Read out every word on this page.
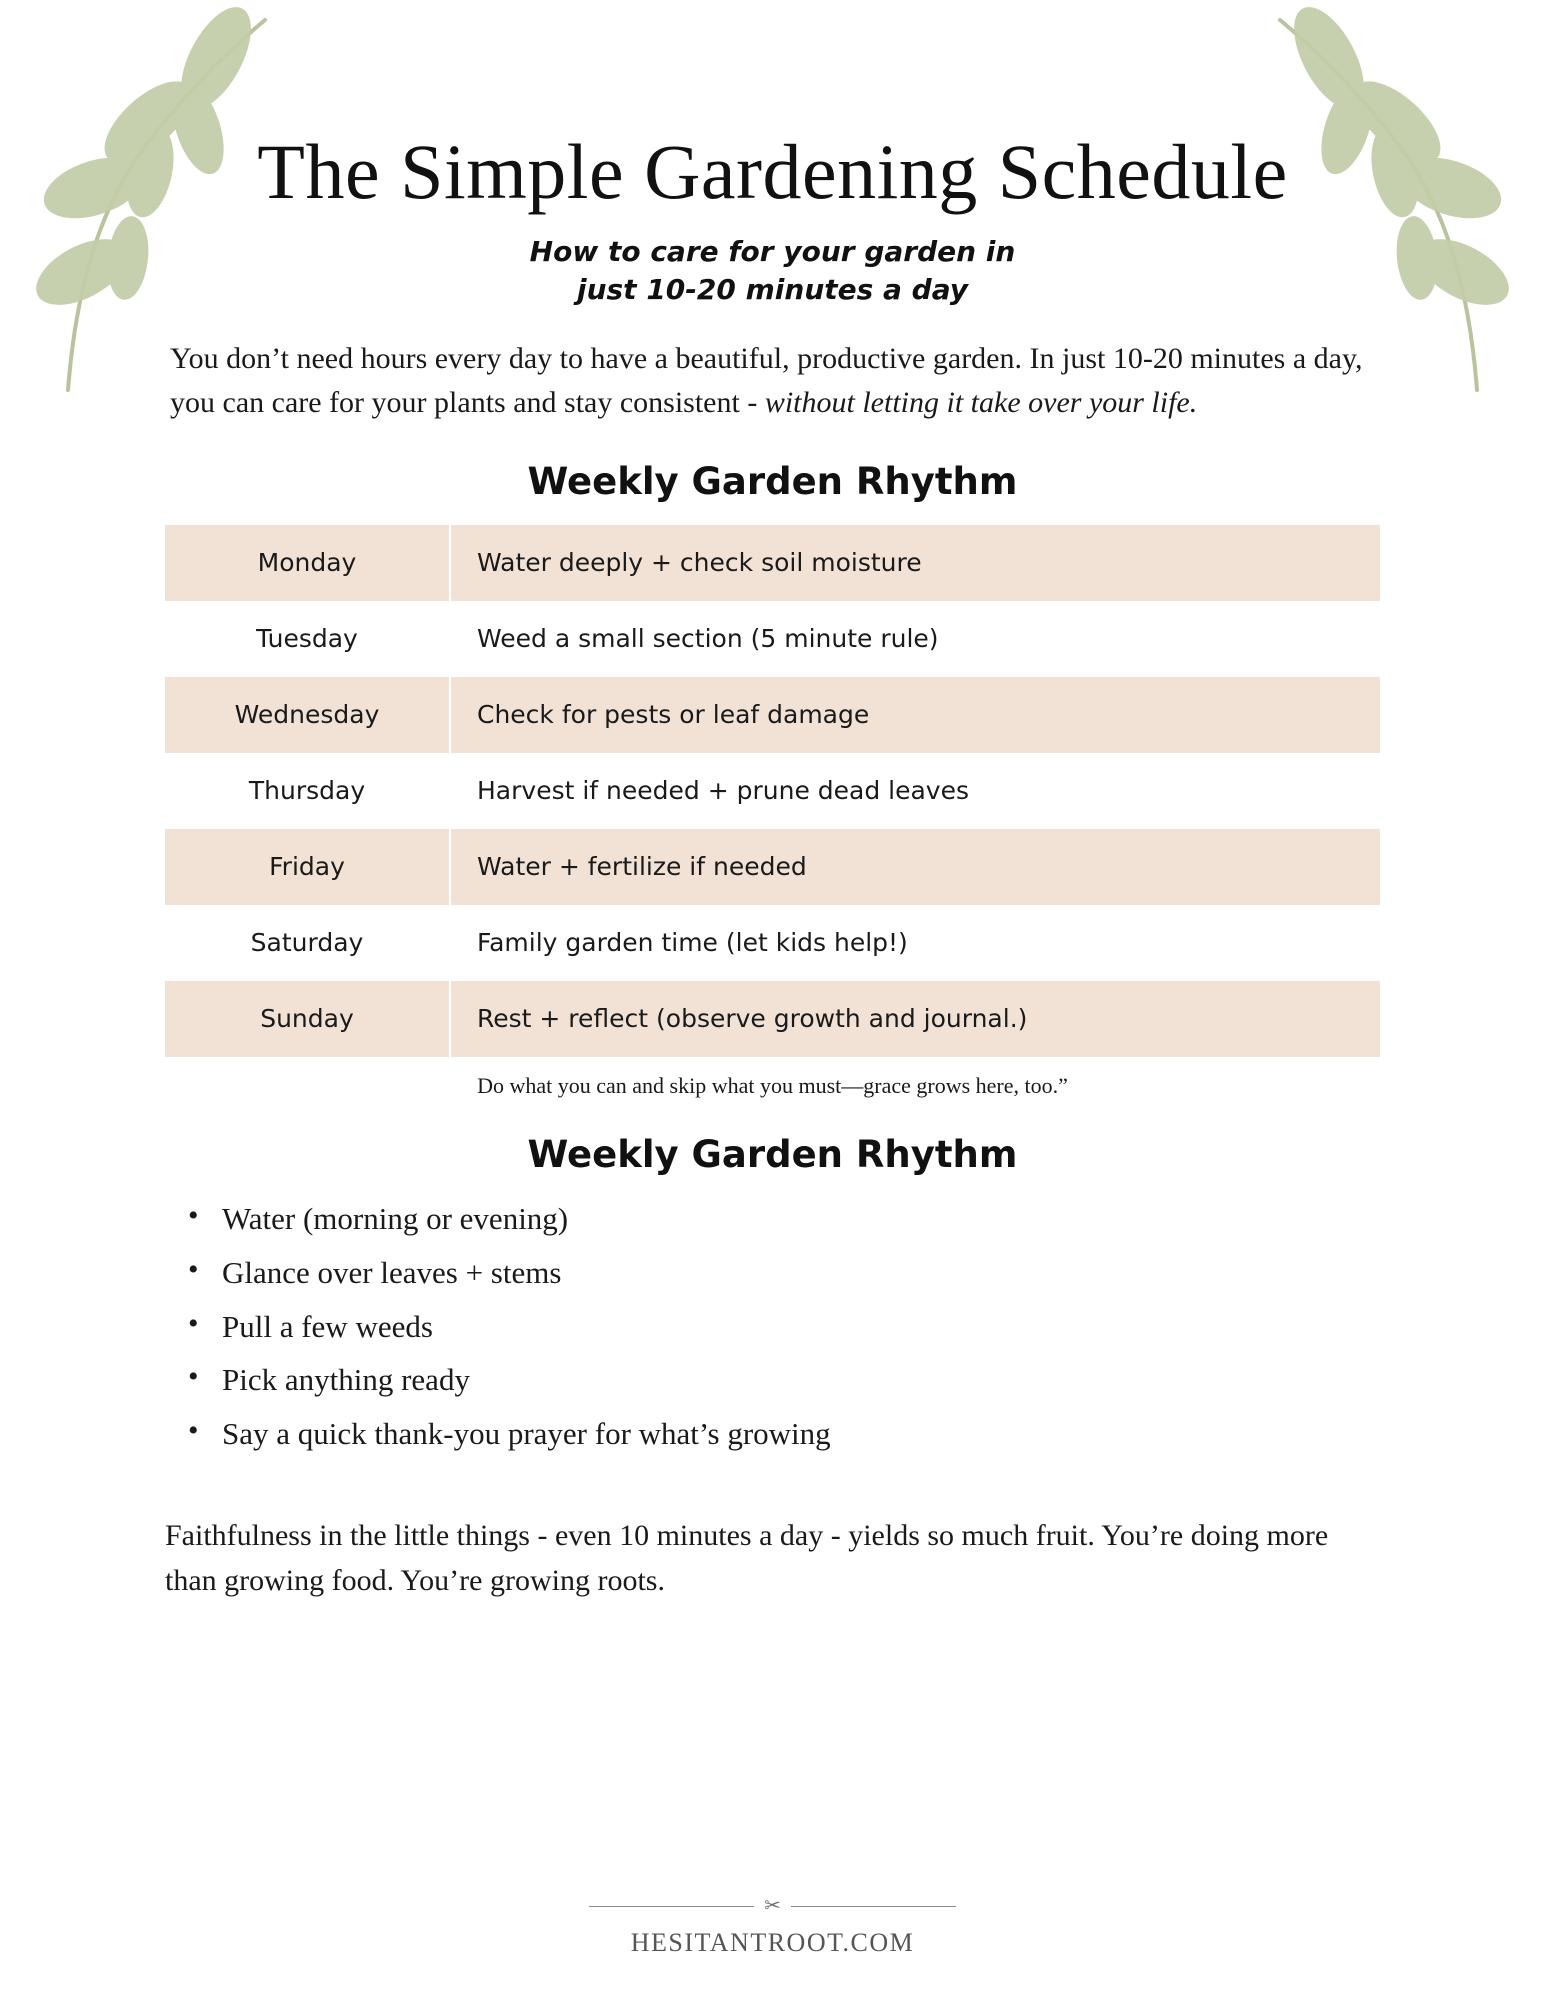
The Simple Gardening Schedule
How to care for your garden in
just 10-20 minutes a day

You don’t need hours every day to have a beautiful, productive garden. In just 10-20 minutes a day, you can care for your plants and stay consistent - without letting it take over your life.

Weekly Garden Rhythm
Monday	Water deeply + check soil moisture
Tuesday	Weed a small section (5 minute rule)
Wednesday	Check for pests or leaf damage
Thursday	Harvest if needed + prune dead leaves
Friday	Water + fertilize if needed
Saturday	Family garden time (let kids help!)
Sunday	Rest + reflect (observe growth and journal.)

Do what you can and skip what you must—grace grows here, too.”

Weekly Garden Rhythm
• Water (morning or evening)
• Glance over leaves + stems
• Pull a few weeds
• Pick anything ready
• Say a quick thank-you prayer for what’s growing

Faithfulness in the little things - even 10 minutes a day - yields so much fruit. You’re doing more than growing food. You’re growing roots.

✂
HESITANTROOT.COM
